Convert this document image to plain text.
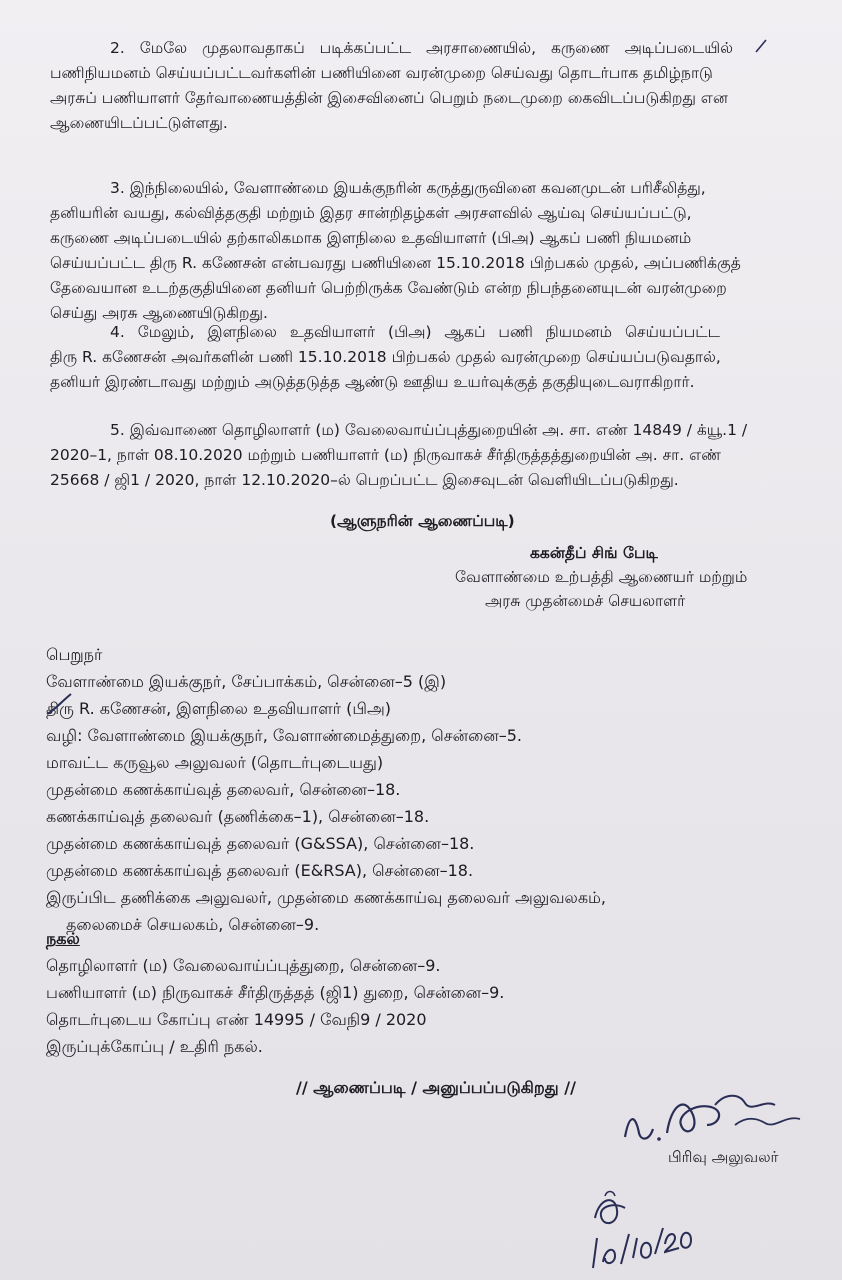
2. மேலே முதலாவதாகப் படிக்கப்பட்ட அரசாணையில், கருணை அடிப்படையில்
பணிநியமனம் செய்யப்பட்டவர்களின் பணியினை வரன்முறை செய்வது தொடர்பாக தமிழ்நாடு
அரசுப் பணியாளர் தேர்வாணையத்தின் இசைவினைப் பெறும் நடைமுறை கைவிடப்படுகிறது என
ஆணையிடப்பட்டுள்ளது.
3. இந்நிலையில், வேளாண்மை இயக்குநரின் கருத்துருவினை கவனமுடன் பரிசீலித்து,
தனியரின் வயது, கல்வித்தகுதி மற்றும் இதர சான்றிதழ்கள் அரசளவில் ஆய்வு செய்யப்பட்டு,
கருணை அடிப்படையில் தற்காலிகமாக இளநிலை உதவியாளர் (பிஅ) ஆகப் பணி நியமனம்
செய்யப்பட்ட திரு R. கணேசன் என்பவரது பணியினை 15.10.2018 பிற்பகல் முதல், அப்பணிக்குத்
தேவையான உடற்தகுதியினை தனியர் பெற்றிருக்க வேண்டும் என்ற நிபந்தனையுடன் வரன்முறை
செய்து அரசு ஆணையிடுகிறது.
4. மேலும், இளநிலை உதவியாளர் (பிஅ) ஆகப் பணி நியமனம் செய்யப்பட்ட
திரு R. கணேசன் அவர்களின் பணி 15.10.2018 பிற்பகல் முதல் வரன்முறை செய்யப்படுவதால்,
தனியர் இரண்டாவது மற்றும் அடுத்தடுத்த ஆண்டு ஊதிய உயர்வுக்குத் தகுதியுடைவராகிறார்.
5. இவ்வாணை தொழிலாளர் (ம) வேலைவாய்ப்புத்துறையின் அ. சா. எண் 14849 / க்யூ.1 /
2020–1, நாள் 08.10.2020 மற்றும் பணியாளர் (ம) நிருவாகச் சீர்திருத்தத்துறையின் அ. சா. எண்
25668 / ஜி1 / 2020, நாள் 12.10.2020–ல் பெறப்பட்ட இசைவுடன் வெளியிடப்படுகிறது.
(ஆளுநரின் ஆணைப்படி)
ககன்தீப் சிங் பேடி
வேளாண்மை உற்பத்தி ஆணையர் மற்றும்
அரசு முதன்மைச் செயலாளர்
பெறுநர்
வேளாண்மை இயக்குநர், சேப்பாக்கம், சென்னை–5 (இ)
திரு R. கணேசன், இளநிலை உதவியாளர் (பிஅ)
வழி: வேளாண்மை இயக்குநர், வேளாண்மைத்துறை, சென்னை–5.
மாவட்ட கருவூல அலுவலர் (தொடர்புடையது)
முதன்மை கணக்காய்வுத் தலைவர், சென்னை–18.
கணக்காய்வுத் தலைவர் (தணிக்கை–1), சென்னை–18.
முதன்மை கணக்காய்வுத் தலைவர் (G&SSA), சென்னை–18.
முதன்மை கணக்காய்வுத் தலைவர் (E&RSA), சென்னை–18.
இருப்பிட தணிக்கை அலுவலர், முதன்மை கணக்காய்வு தலைவர் அலுவலகம்,
தலைமைச் செயலகம், சென்னை–9.
நகல்
தொழிலாளர் (ம) வேலைவாய்ப்புத்துறை, சென்னை–9.
பணியாளர் (ம) நிருவாகச் சீர்திருத்தத் (ஜி1) துறை, சென்னை–9.
தொடர்புடைய கோப்பு எண் 14995 / வேநி9 / 2020
இருப்புக்கோப்பு / உதிரி நகல்.
// ஆணைப்படி / அனுப்பப்படுகிறது //
பிரிவு அலுவலர்
